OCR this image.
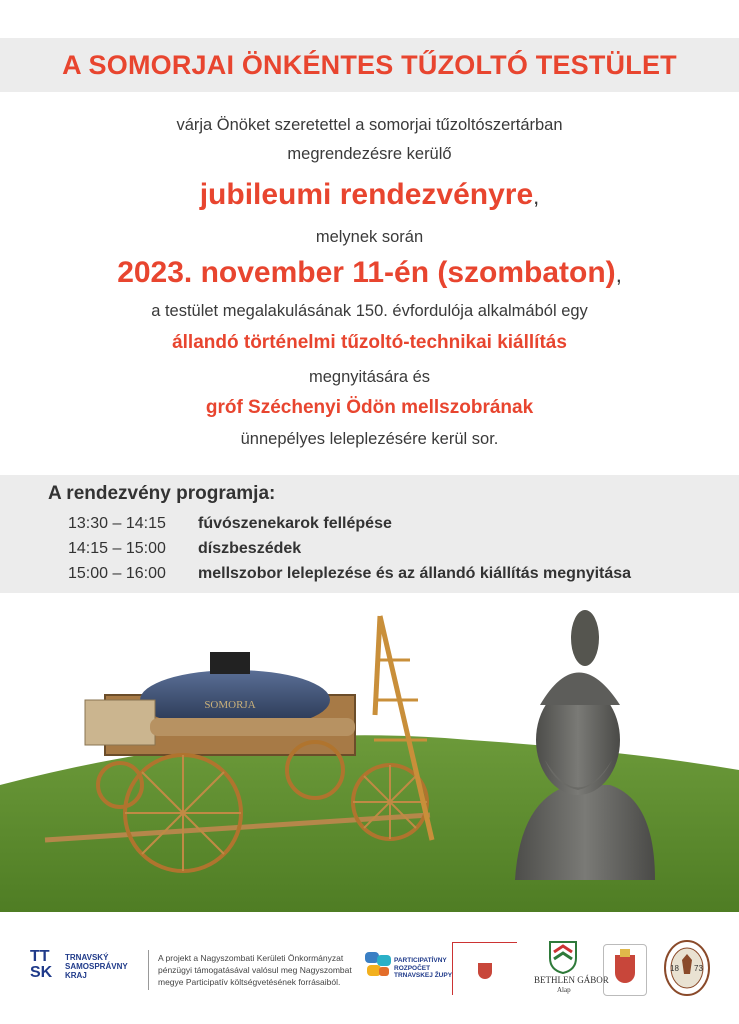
A SOMORJAI ÖNKÉNTES TŰZOLTÓ TESTÜLET
várja Önöket szeretettel a somorjai tűzoltószertárban
megrendezésre kerülő
jubileumi rendezvényre,
melynek során
2023. november 11-én (szombaton),
a testület megalakulásának 150. évfordulója alkalmából egy
állandó történelmi tűzoltó-technikai kiállítás
megnyitására és
gróf Széchenyi Ödön mellszobrának
ünnepélyes leleplezésére kerül sor.
A rendezvény programja:
13:30 – 14:15 fúvószenekarok fellépése
14:15 – 15:00 díszbeszédek
15:00 – 16:00 mellszobor leleplezése és az állandó kiállítás megnyitása
SOMORJA
TT
SK
TRNAVSKÝ
SAMOSPRÁVNY
KRAJ
A projekt a Nagyszombati Kerületi Önkormányzat
pénzügyi támogatásával valósul meg Nagyszombat
megye Participatív költségvetésének forrásaiból.
PARTICIPATÍVNY
ROZPOČET
TRNAVSKEJ ŽUPY	BETHLEN GÁBOR
Alap
18 73
